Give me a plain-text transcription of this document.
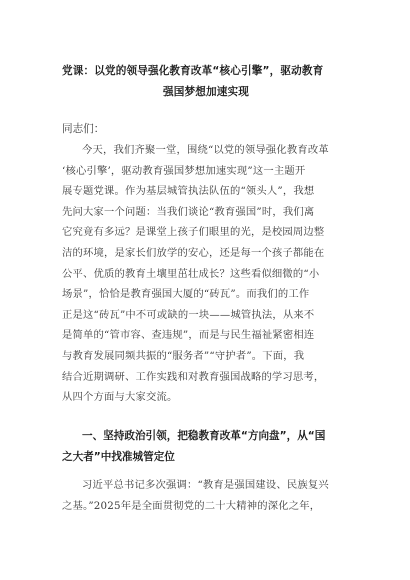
党课：以党的领导强化教育改革“核心引擎”，驱动教育
强国梦想加速实现
同志们：
今天，我们齐聚一堂，围绕“以党的领导强化教育改革
‘核心引擎’，驱动教育强国梦想加速实现”这一主题开
展专题党课。作为基层城管执法队伍的“领头人”，我想
先问大家一个问题：当我们谈论“教育强国”时，我们离
它究竟有多远？是课堂上孩子们眼里的光，是校园周边整
洁的环境，是家长们放学的安心，还是每一个孩子都能在
公平、优质的教育土壤里茁壮成长？这些看似细微的“小
场景”，恰恰是教育强国大厦的“砖瓦”。而我们的工作
正是这“砖瓦”中不可或缺的一块——城管执法，从来不
是简单的“管市容、查违规”，而是与民生福祉紧密相连
与教育发展同频共振的“服务者”“守护者”。下面，我
结合近期调研、工作实践和对教育强国战略的学习思考，
从四个方面与大家交流。
一、坚持政治引领，把稳教育改革“方向盘”，从“国
之大者”中找准城管定位
习近平总书记多次强调：“教育是强国建设、民族复兴
之基。”2025年是全面贯彻党的二十大精神的深化之年，
